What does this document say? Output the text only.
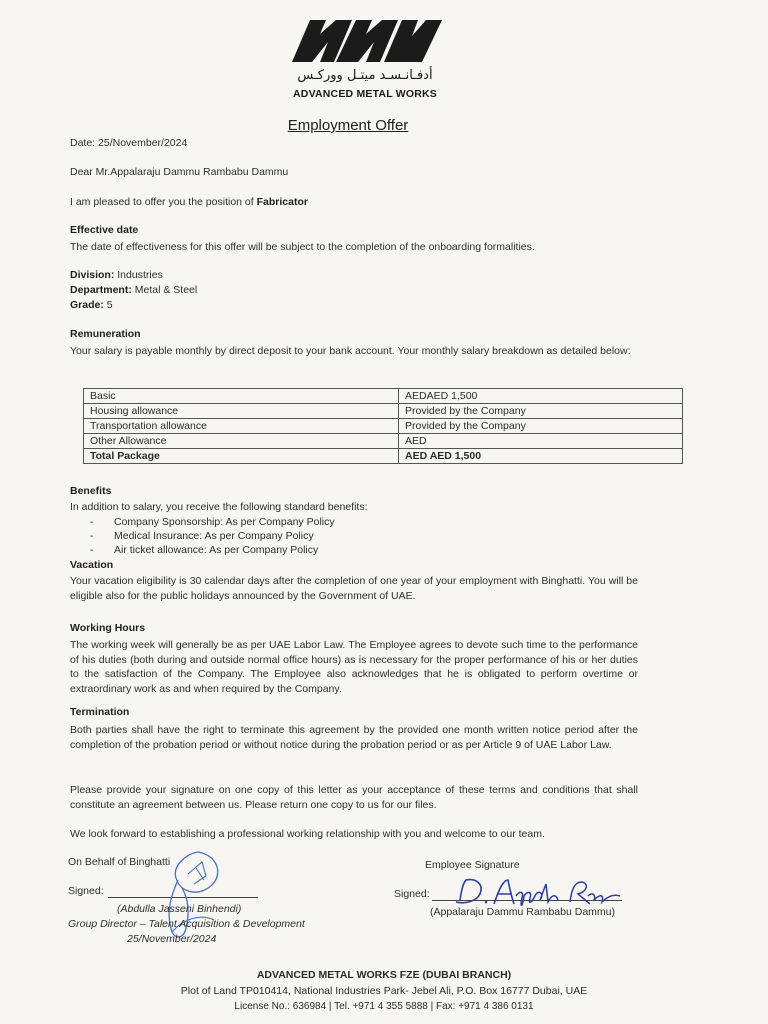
أدفـانـسـد ميتـل ووركـس
ADVANCED METAL WORKS
Employment Offer
Date: 25/November/2024
Dear Mr.Appalaraju Dammu Rambabu Dammu
I am pleased to offer you the position of Fabricator
Effective date
The date of effectiveness for this offer will be subject to the completion of the onboarding formalities.
Division: Industries
Department: Metal & Steel
Grade: 5
Remuneration
Your salary is payable monthly by direct deposit to your bank account. Your monthly salary breakdown as detailed below:
Basic	AEDAED 1,500
Housing allowance	Provided by the Company
Transportation allowance	Provided by the Company
Other Allowance	AED
Total Package	AED AED 1,500
Benefits
In addition to salary, you receive the following standard benefits:
- Company Sponsorship: As per Company Policy
- Medical Insurance: As per Company Policy
- Air ticket allowance: As per Company Policy
Vacation
Your vacation eligibility is 30 calendar days after the completion of one year of your employment with Binghatti. You will be eligible also for the public holidays announced by the Government of UAE.
Working Hours
The working week will generally be as per UAE Labor Law. The Employee agrees to devote such time to the performance of his duties (both during and outside normal office hours) as is necessary for the proper performance of his or her duties to the satisfaction of the Company. The Employee also acknowledges that he is obligated to perform overtime or extraordinary work as and when required by the Company.
Termination
Both parties shall have the right to terminate this agreement by the provided one month written notice period after the completion of the probation period or without notice during the probation period or as per Article 9 of UAE Labor Law.
Please provide your signature on one copy of this letter as your acceptance of these terms and conditions that shall constitute an agreement between us. Please return one copy to us for our files.
We look forward to establishing a professional working relationship with you and welcome to our team.
On Behalf of Binghatti
Signed:
(Abdulla Jasseni Binhendi)
Group Director – Talent Acquisition & Development
25/November/2024
Employee Signature
Signed:
(Appalaraju Dammu Rambabu Dammu)
ADVANCED METAL WORKS FZE (DUBAI BRANCH)
Plot of Land TP010414, National Industries Park- Jebel Ali, P.O. Box 16777 Dubai, UAE
License No.: 636984 | Tel. +971 4 355 5888 | Fax: +971 4 386 0131
